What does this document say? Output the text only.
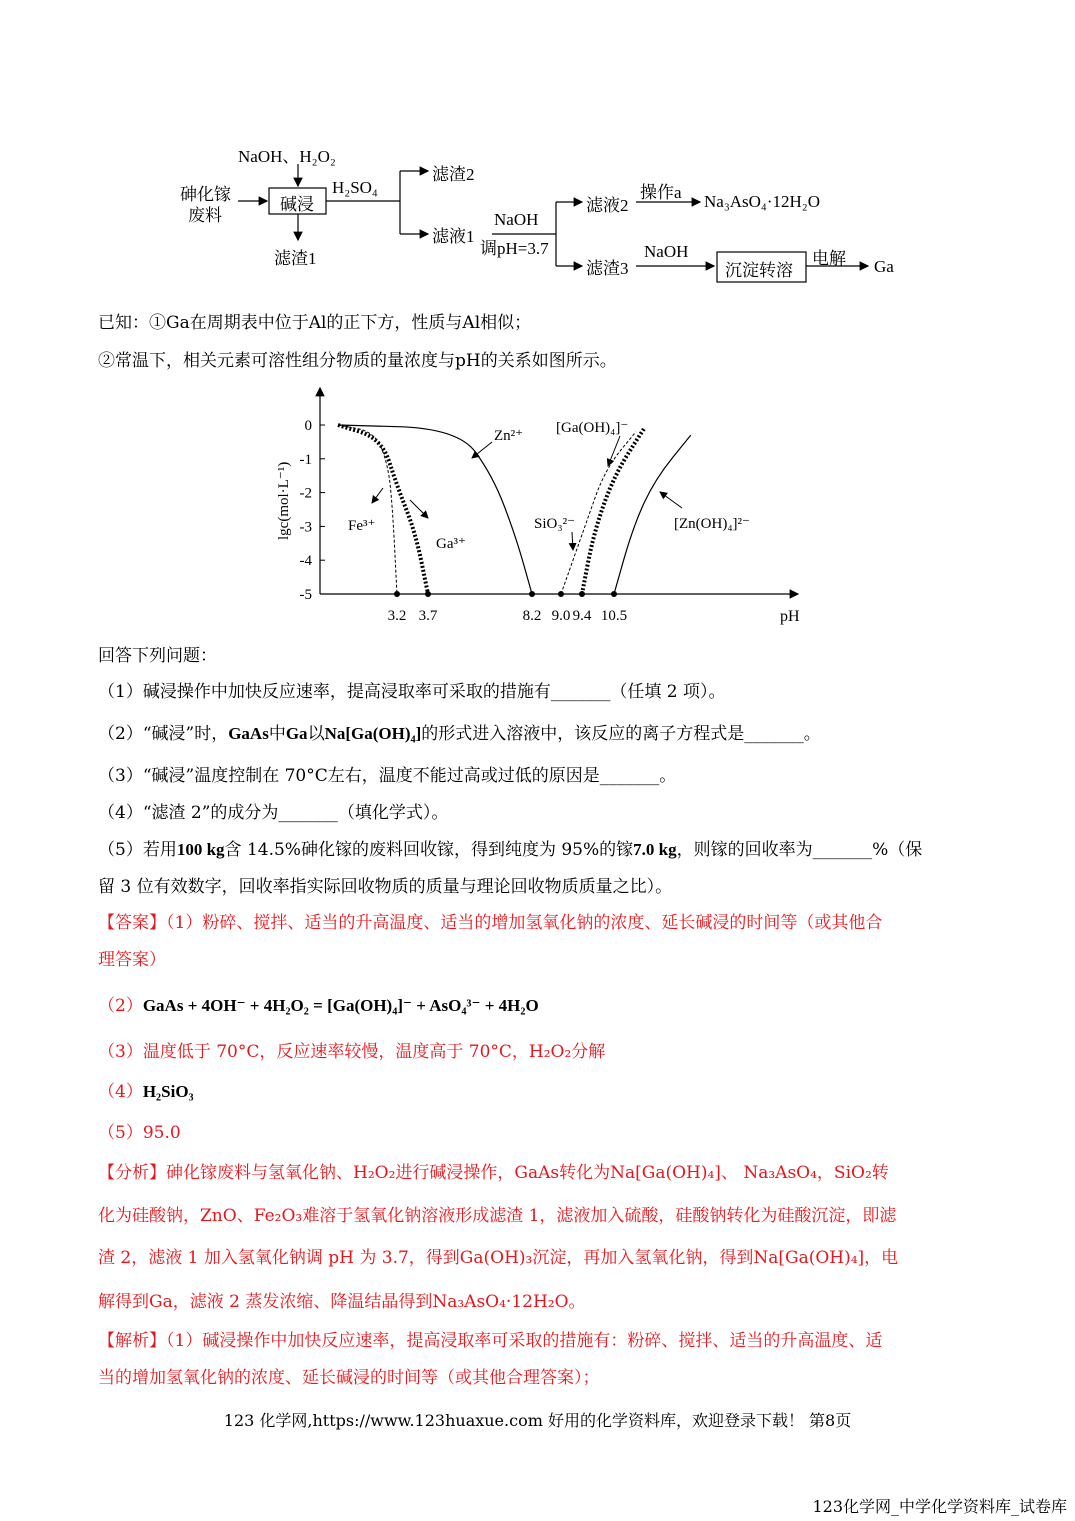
NaOH、H₂O₂
砷化镓
废料
碱浸
滤渣1
H₂SO₄
滤渣2
滤液1
NaOH
调pH=3.7
滤液2
操作a Na₃AsO₄·12H₂O
滤渣3
NaOH
沉淀转溶
电解 Ga
已知：①Ga在周期表中位于Al的正下方，性质与Al相似；
②常温下，相关元素可溶性组分物质的量浓度与pH的关系如图所示。
0
-1
-2
-3
-4
-5
3.2 3.7	8.2 9.0 9.4 10.5
Fe³⁺
Ga³⁺
Zn²⁺
SiO₃²⁻
[Ga(OH)₄]⁻
[Zn(OH)₄]²⁻
lgc(mol·L⁻¹)
pH
回答下列问题：
（1）碱浸操作中加快反应速率，提高浸取率可采取的措施有_______（任填 2 项）。
（2）“碱浸”时，GaAs中Ga以Na[Ga(OH)₄]的形式进入溶液中，该反应的离子方程式是_______。
（3）“碱浸”温度控制在 70°C左右，温度不能过高或过低的原因是_______。
（4）“滤渣 2”的成分为_______（填化学式）。
（5）若用100 kg含 14.5%砷化镓的废料回收镓，得到纯度为 95%的镓7.0 kg，则镓的回收率为_______%（保
留 3 位有效数字，回收率指实际回收物质的质量与理论回收物质质量之比）。
【答案】（1）粉碎、搅拌、适当的升高温度、适当的增加氢氧化钠的浓度、延长碱浸的时间等（或其他合
理答案）
（2）GaAs + 4OH⁻ + 4H₂O₂ = [Ga(OH)₄]⁻ + AsO₄³⁻ + 4H₂O
（3）温度低于 70°C，反应速率较慢，温度高于 70°C，H₂O₂分解
（4）H₂SiO₃
（5）95.0
【分析】砷化镓废料与氢氧化钠、H₂O₂进行碱浸操作，GaAs转化为Na[Ga(OH)₄]、 Na₃AsO₄，SiO₂转
化为硅酸钠，ZnO、Fe₂O₃难溶于氢氧化钠溶液形成滤渣 1，滤液加入硫酸，硅酸钠转化为硅酸沉淀，即滤
渣 2，滤液 1 加入氢氧化钠调 pH 为 3.7，得到Ga(OH)₃沉淀，再加入氢氧化钠，得到Na[Ga(OH)₄]，电
解得到Ga，滤液 2 蒸发浓缩、降温结晶得到Na₃AsO₄·12H₂O。
【解析】（1）碱浸操作中加快反应速率，提高浸取率可采取的措施有：粉碎、搅拌、适当的升高温度、适
当的增加氢氧化钠的浓度、延长碱浸的时间等（或其他合理答案）；
123 化学网,https://www.123huaxue.com 好用的化学资料库，欢迎登录下载！ 第8页
123化学网_中学化学资料库_试卷库
